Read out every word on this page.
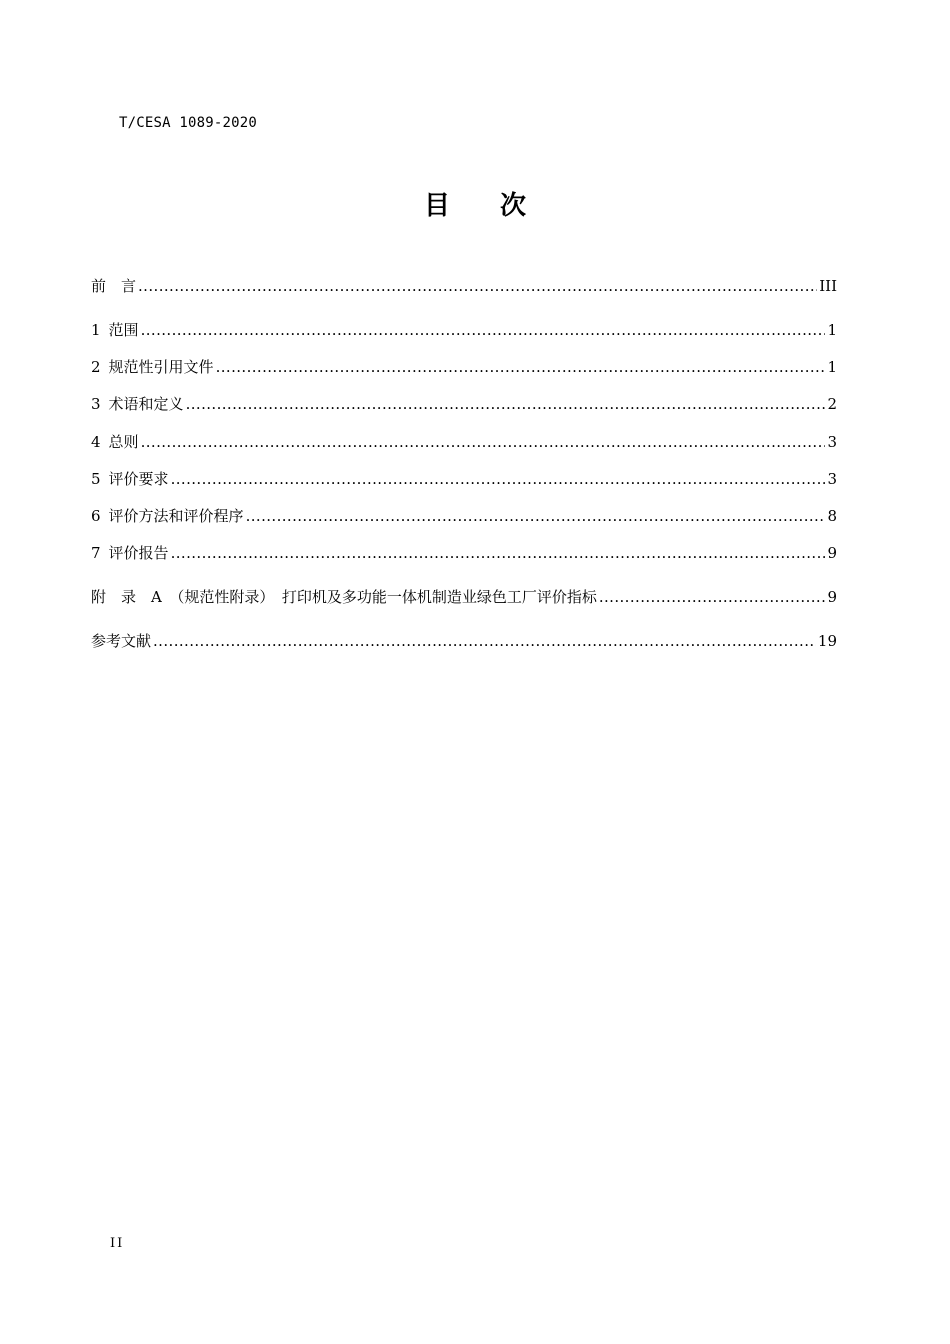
T/CESA 1089-2020
目 次
前　言 .....	III
1 范围 .....	1
2 规范性引用文件 .....	1
3 术语和定义 .....	2
4 总则 .....	3
5 评价要求 .....	3
6 评价方法和评价程序 .....	8
7 评价报告 .....	9
附　录　A　（规范性附录）　打印机及多功能一体机制造业绿色工厂评价指标 .....	9
参考文献 .....	19
II
